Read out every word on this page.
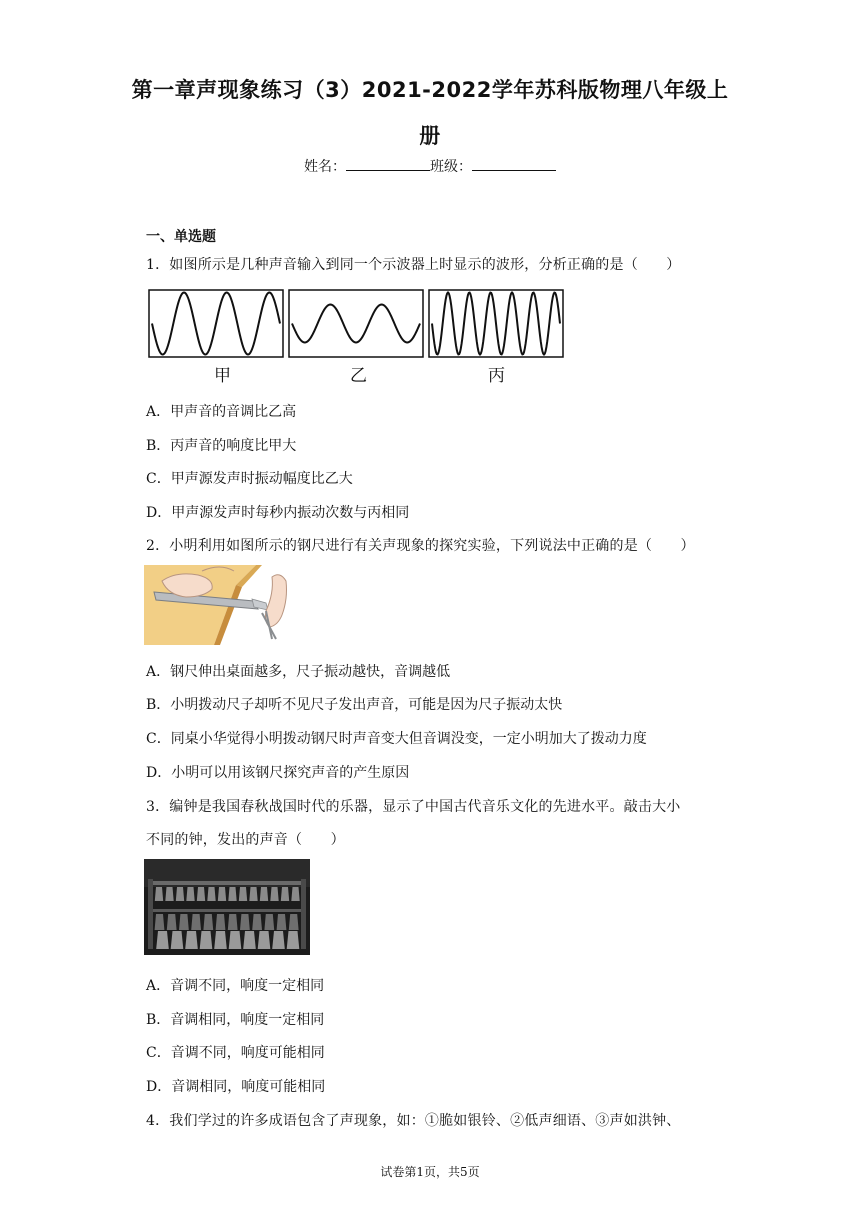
第一章声现象练习（3）2021-2022学年苏科版物理八年级上
册
姓名：	班级：
一、单选题
1．如图所示是几种声音输入到同一个示波器上时显示的波形，分析正确的是（　　）
甲	乙	丙
A．甲声音的音调比乙高
B．丙声音的响度比甲大
C．甲声源发声时振动幅度比乙大
D．甲声源发声时每秒内振动次数与丙相同
2．小明利用如图所示的钢尺进行有关声现象的探究实验，下列说法中正确的是（　　）
A．钢尺伸出桌面越多，尺子振动越快，音调越低
B．小明拨动尺子却听不见尺子发出声音，可能是因为尺子振动太快
C．同桌小华觉得小明拨动钢尺时声音变大但音调没变，一定小明加大了拨动力度
D．小明可以用该钢尺探究声音的产生原因
3．编钟是我国春秋战国时代的乐器，显示了中国古代音乐文化的先进水平。敲击大小
不同的钟，发出的声音（　　）
A．音调不同，响度一定相同
B．音调相同，响度一定相同
C．音调不同，响度可能相同
D．音调相同，响度可能相同
4．我们学过的许多成语包含了声现象，如：①脆如银铃、②低声细语、③声如洪钟、
试卷第1页，共5页
